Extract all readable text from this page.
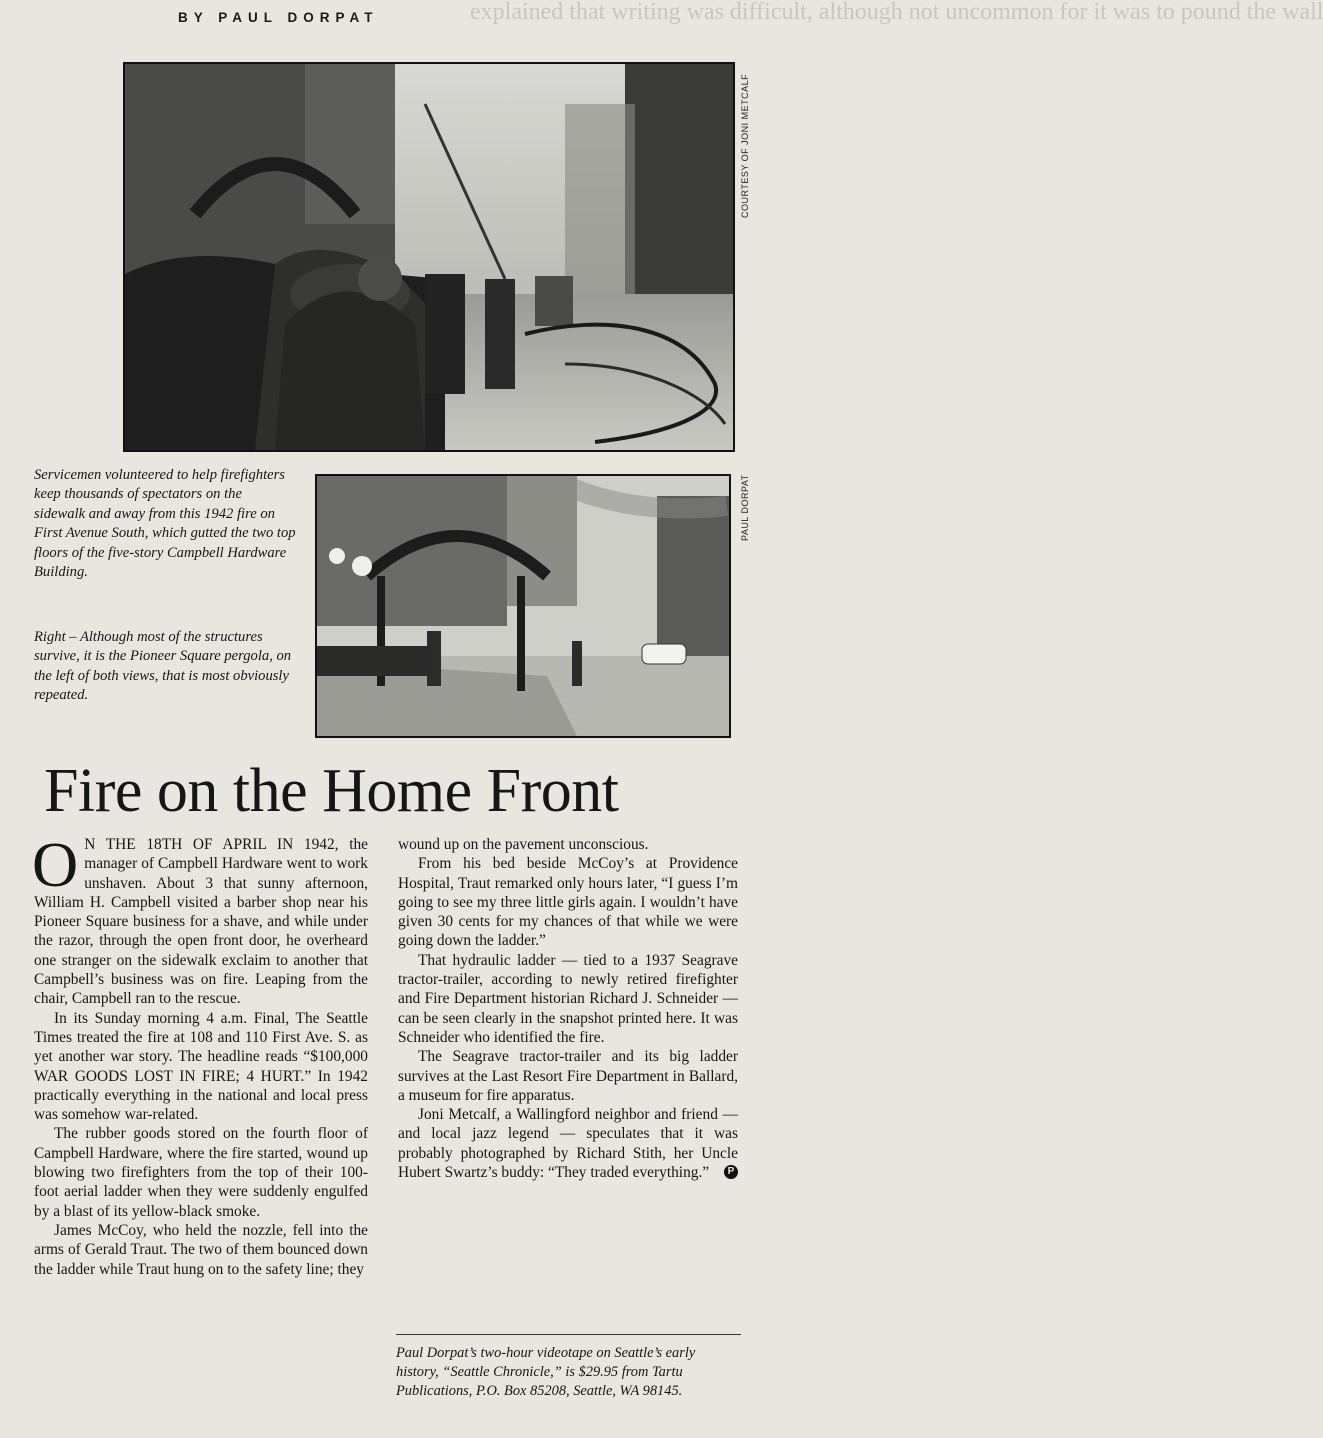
explained that writing was difficult, although not uncommon for it was to pound the wall
BY PAUL DORPAT
COURTESY OF JONI METCALF

Servicemen volunteered to help firefighters keep thousands of spectators on the sidewalk and away from this 1942 fire on First Avenue South, which gutted the two top floors of the five-story Campbell Hardware Building.

Right – Although most of the structures survive, it is the Pioneer Square pergola, on the left of both views, that is most obviously repeated.

PAUL DORPAT
Fire on the Home Front

ON THE 18TH OF APRIL IN 1942, the manager of Campbell Hardware went to work unshaven. About 3 that sunny afternoon, William H. Campbell visited a barber shop near his Pioneer Square business for a shave, and while under the razor, through the open front door, he overheard one stranger on the sidewalk exclaim to another that Campbell’s business was on fire. Leaping from the chair, Campbell ran to the rescue.

In its Sunday morning 4 a.m. Final, The Seattle Times treated the fire at 108 and 110 First Ave. S. as yet another war story. The headline reads “$100,000 WAR GOODS LOST IN FIRE; 4 HURT.” In 1942 practically everything in the national and local press was somehow war-related.

The rubber goods stored on the fourth floor of Campbell Hardware, where the fire started, wound up blowing two firefighters from the top of their 100-foot aerial ladder when they were suddenly engulfed by a blast of its yellow-black smoke.

James McCoy, who held the nozzle, fell into the arms of Gerald Traut. The two of them bounced down the ladder while Traut hung on to the safety line; they

wound up on the pavement unconscious.

From his bed beside McCoy’s at Providence Hospital, Traut remarked only hours later, “I guess I’m going to see my three little girls again. I wouldn’t have given 30 cents for my chances of that while we were going down the ladder.”

That hydraulic ladder — tied to a 1937 Seagrave tractor-trailer, according to newly retired firefighter and Fire Department historian Richard J. Schneider — can be seen clearly in the snapshot printed here. It was Schneider who identified the fire.

The Seagrave tractor-trailer and its big ladder survives at the Last Resort Fire Department in Ballard, a museum for fire apparatus.

Joni Metcalf, a Wallingford neighbor and friend — and local jazz legend — speculates that it was probably photographed by Richard Stith, her Uncle Hubert Swartz’s buddy: “They traded everything.”	P

Paul Dorpat’s two-hour videotape on Seattle’s early history, “Seattle Chronicle,” is $29.95 from Tartu Publications, P.O. Box 85208, Seattle, WA 98145.
